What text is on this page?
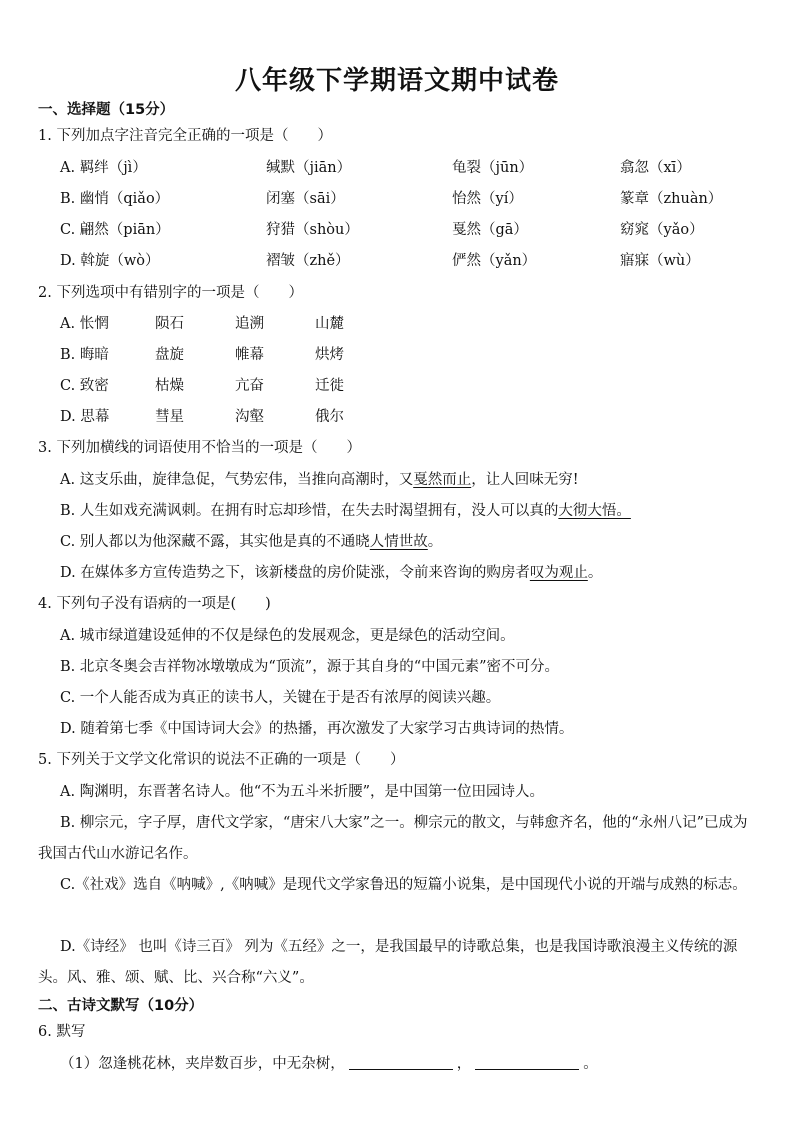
八年级下学期语文期中试卷
一、选择题（15分）
1. 下列加点字注音完全正确的一项是（　　）
A. 羁绊（jì）	缄默（jiān）	龟裂（jūn）	翕忽（xī）
B. 幽悄（qiǎo）	闭塞（sāi）	怡然（yí）	篆章（zhuàn）
C. 翩然（piān）	狩猎（shòu）	戛然（gā）	窈窕（yǎo）
D. 斡旋（wò）	褶皱（zhě）	俨然（yǎn）	寤寐（wù）
2. 下列选项中有错别字的一项是（　　）
A. 怅惘	陨石	追溯	山麓
B. 晦暗	盘旋	帷幕	烘烤
C. 致密	枯燥	亢奋	迁徙
D. 思幕	彗星	沟壑	俄尔
3. 下列加横线的词语使用不恰当的一项是（　　）
A. 这支乐曲，旋律急促，气势宏伟，当推向高潮时，又戛然而止，让人回味无穷!
B. 人生如戏充满讽刺。在拥有时忘却珍惜，在失去时渴望拥有，没人可以真的大彻大悟。
C. 别人都以为他深藏不露，其实他是真的不通晓人情世故。
D. 在媒体多方宣传造势之下，该新楼盘的房价陡涨，令前来咨询的购房者叹为观止。
4. 下列句子没有语病的一项是(　　)
A. 城市绿道建设延伸的不仅是绿色的发展观念，更是绿色的活动空间。
B. 北京冬奥会吉祥物冰墩墩成为“顶流”，源于其自身的“中国元素”密不可分。
C. 一个人能否成为真正的读书人，关键在于是否有浓厚的阅读兴趣。
D. 随着第七季《中国诗词大会》的热播，再次激发了大家学习古典诗词的热情。
5. 下列关于文学文化常识的说法不正确的一项是（　　）
A. 陶渊明，东晋著名诗人。他“不为五斗米折腰”，是中国第一位田园诗人。
B. 柳宗元，字子厚，唐代文学家，“唐宋八大家”之一。柳宗元的散文，与韩愈齐名，他的“永州八记”已成为我国古代山水游记名作。
C.《社戏》选自《呐喊》,《呐喊》是现代文学家鲁迅的短篇小说集，是中国现代小说的开端与成熟的标志。
D.《诗经》 也叫《诗三百》 列为《五经》之一，是我国最早的诗歌总集，也是我国诗歌浪漫主义传统的源头。风、雅、颂、赋、比、兴合称“六义”。
二、古诗文默写（10分）
6. 默写
（1）忽逢桃花林，夹岸数百步，中无杂树，	，	。
